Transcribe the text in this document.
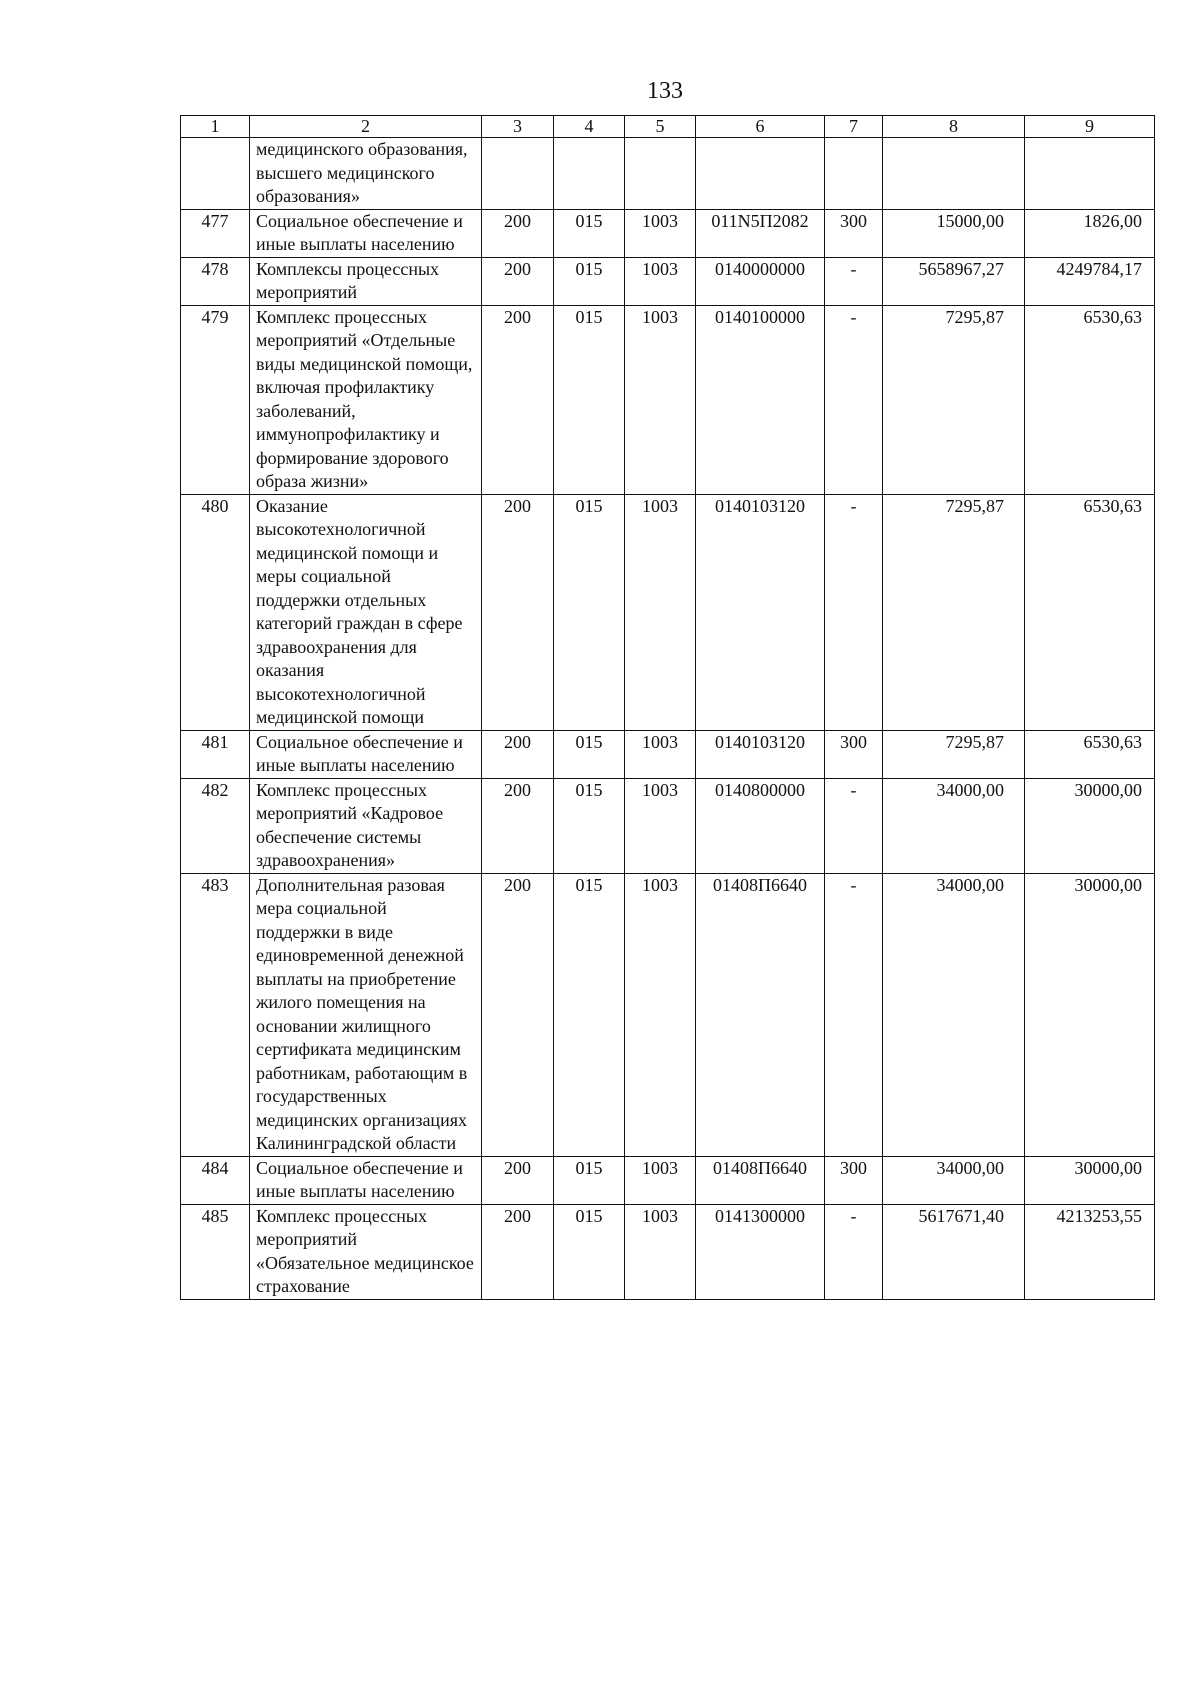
133
1	2	3	4	5	6	7	8	9
	медицинского образования, высшего медицинского образования»							
477	Социальное обеспечение и иные выплаты населению	200	015	1003	011N5П2082	300	15000,00	1826,00
478	Комплексы процессных мероприятий	200	015	1003	0140000000	-	5658967,27	4249784,17
479	Комплекс процессных мероприятий «Отдельные виды медицинской помощи, включая профилактику заболеваний, иммунопрофилактику и формирование здорового образа жизни»	200	015	1003	0140100000	-	7295,87	6530,63
480	Оказание высокотехнологичной медицинской помощи и меры социальной поддержки отдельных категорий граждан в сфере здравоохранения для оказания высокотехнологичной медицинской помощи	200	015	1003	0140103120	-	7295,87	6530,63
481	Социальное обеспечение и иные выплаты населению	200	015	1003	0140103120	300	7295,87	6530,63
482	Комплекс процессных мероприятий «Кадровое обеспечение системы здравоохранения»	200	015	1003	0140800000	-	34000,00	30000,00
483	Дополнительная разовая мера социальной поддержки в виде единовременной денежной выплаты на приобретение жилого помещения на основании жилищного сертификата медицинским работникам, работающим в государственных медицинских организациях Калининградской области	200	015	1003	01408П6640	-	34000,00	30000,00
484	Социальное обеспечение и иные выплаты населению	200	015	1003	01408П6640	300	34000,00	30000,00
485	Комплекс процессных мероприятий «Обязательное медицинское страхование	200	015	1003	0141300000	-	5617671,40	4213253,55
